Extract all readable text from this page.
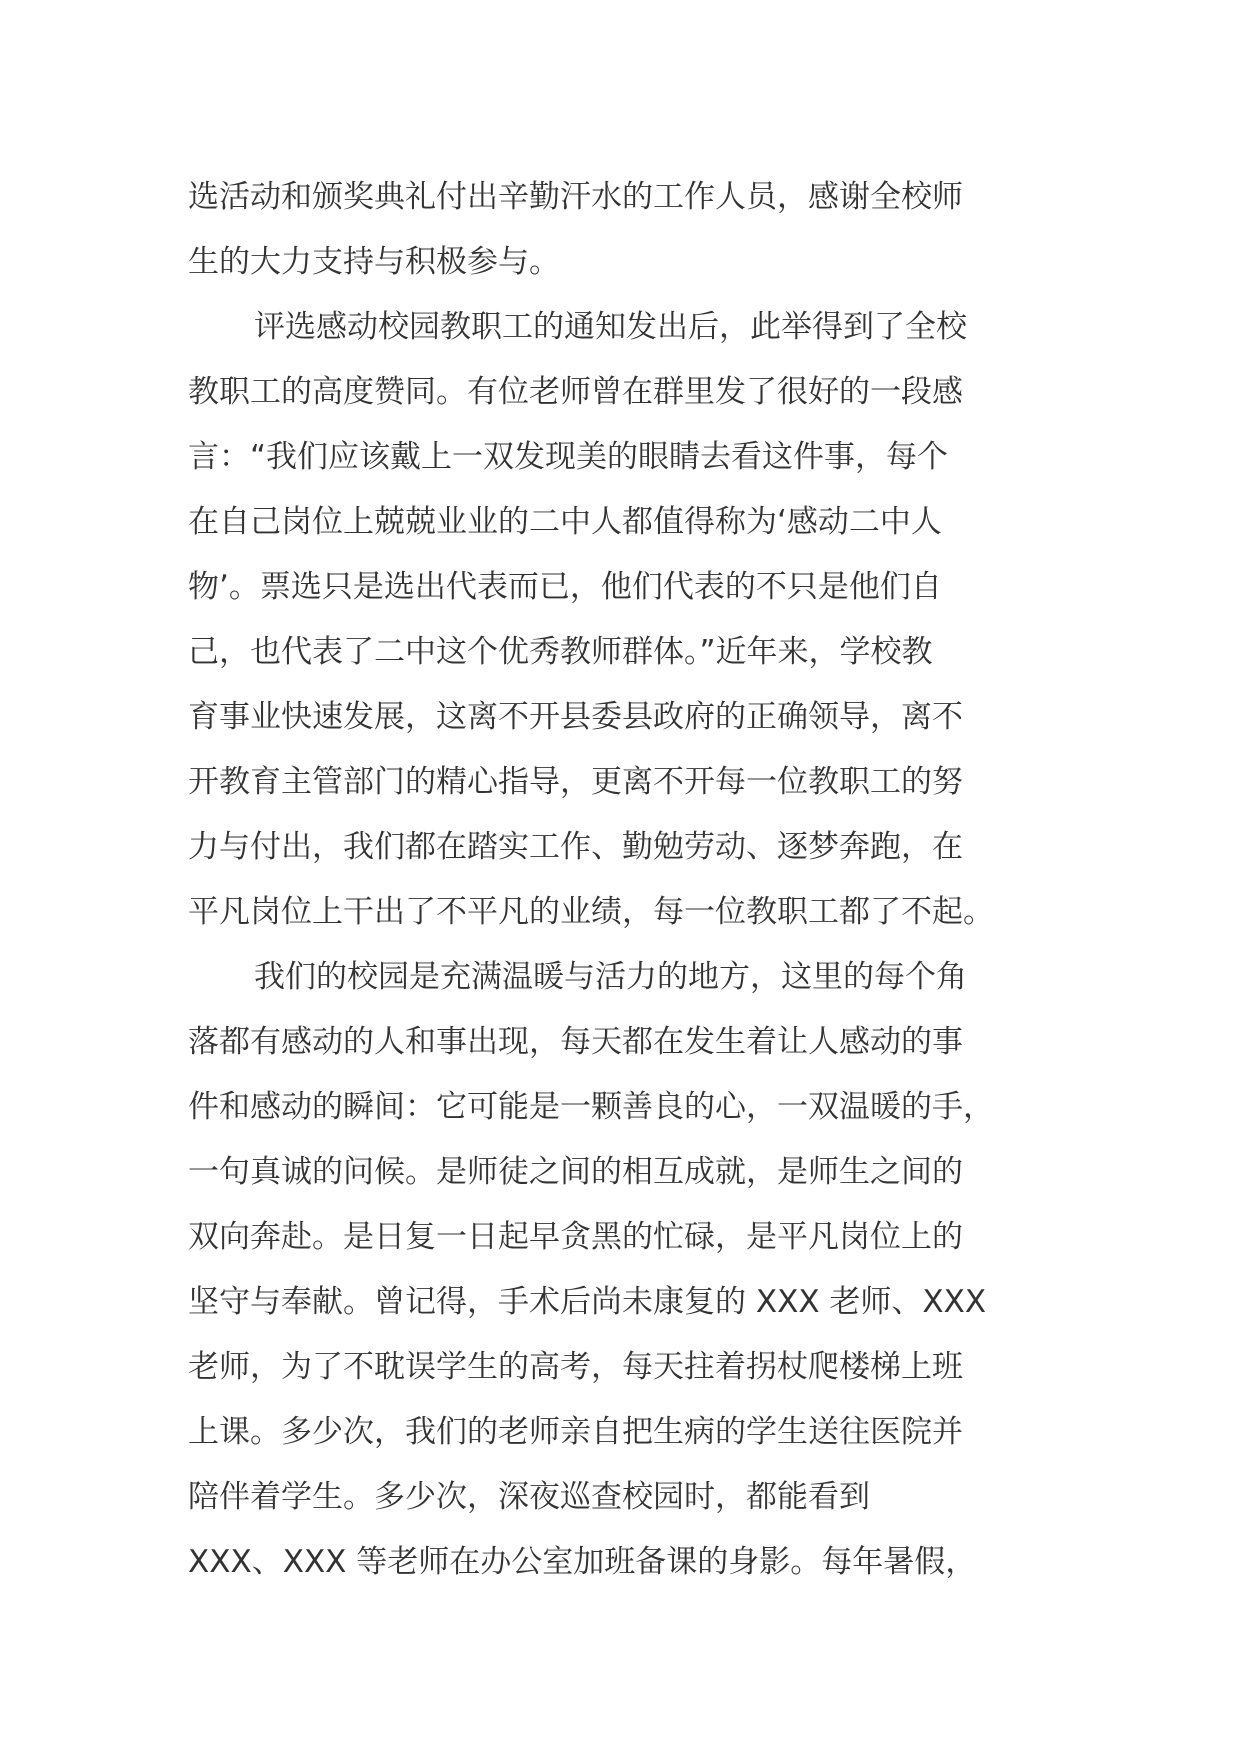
选活动和颁奖典礼付出辛勤汗水的工作人员，感谢全校师
生的大力支持与积极参与。
评选感动校园教职工的通知发出后，此举得到了全校
教职工的高度赞同。有位老师曾在群里发了很好的一段感
言：“我们应该戴上一双发现美的眼睛去看这件事，每个
在自己岗位上兢兢业业的二中人都值得称为‘感动二中人
物’。票选只是选出代表而已，他们代表的不只是他们自
己，也代表了二中这个优秀教师群体。”近年来，学校教
育事业快速发展，这离不开县委县政府的正确领导，离不
开教育主管部门的精心指导，更离不开每一位教职工的努
力与付出，我们都在踏实工作、勤勉劳动、逐梦奔跑，在
平凡岗位上干出了不平凡的业绩，每一位教职工都了不起。
我们的校园是充满温暖与活力的地方，这里的每个角
落都有感动的人和事出现，每天都在发生着让人感动的事
件和感动的瞬间：它可能是一颗善良的心，一双温暖的手，
一句真诚的问候。是师徒之间的相互成就，是师生之间的
双向奔赴。是日复一日起早贪黑的忙碌，是平凡岗位上的
坚守与奉献。曾记得，手术后尚未康复的 XXX 老师、XXX
老师，为了不耽误学生的高考，每天拄着拐杖爬楼梯上班
上课。多少次，我们的老师亲自把生病的学生送往医院并
陪伴着学生。多少次，深夜巡查校园时，都能看到
XXX、XXX 等老师在办公室加班备课的身影。每年暑假，
